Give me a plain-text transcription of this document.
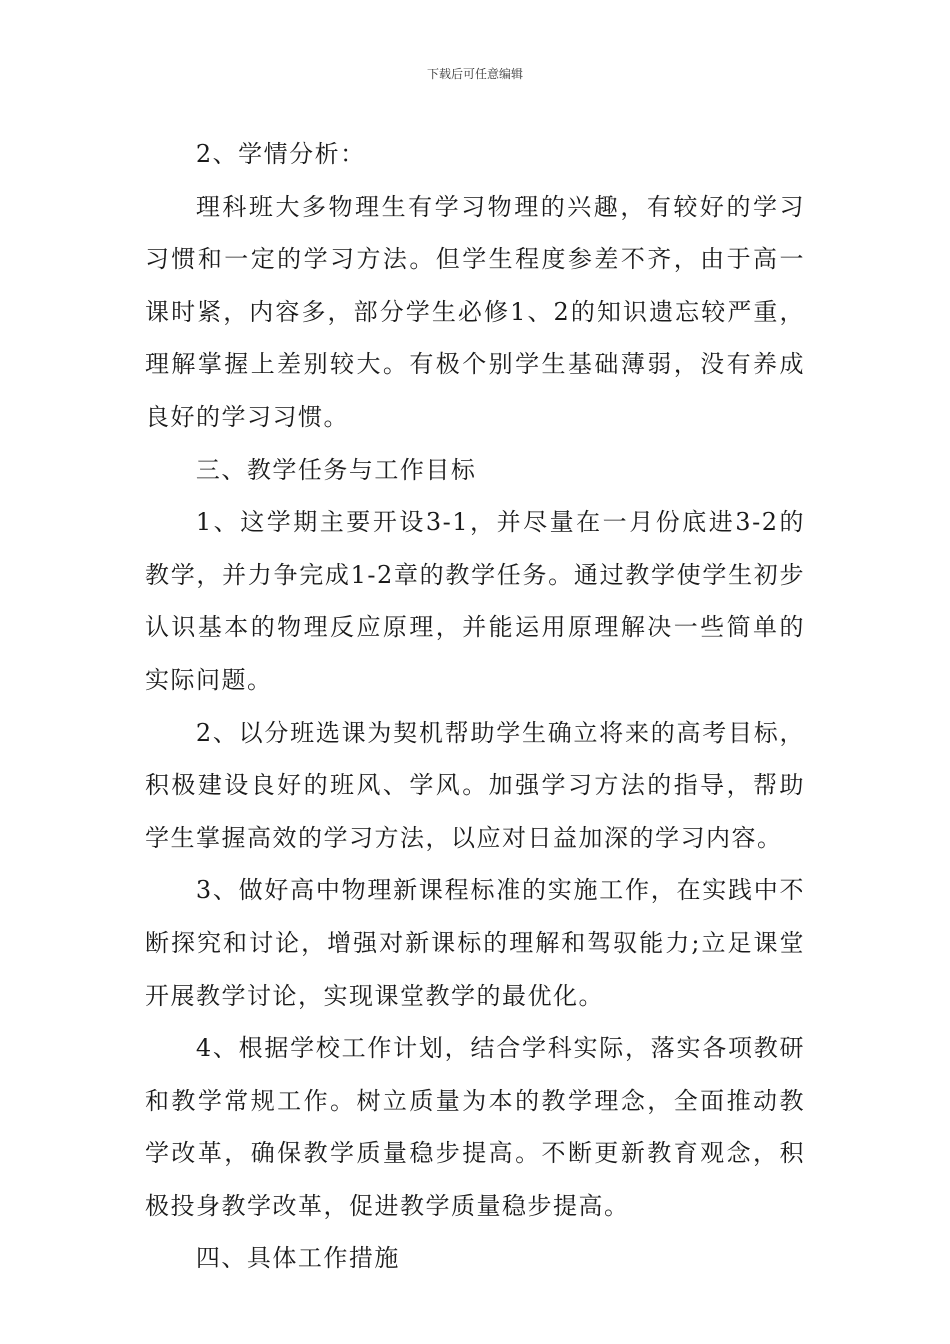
下载后可任意编辑

2、学情分析：

理科班大多物理生有学习物理的兴趣，有较好的学习习惯和一定的学习方法。但学生程度参差不齐，由于高一课时紧，内容多，部分学生必修1、2的知识遗忘较严重，理解掌握上差别较大。有极个别学生基础薄弱，没有养成良好的学习习惯。

三、教学任务与工作目标

1、这学期主要开设3-1，并尽量在一月份底进3-2的教学，并力争完成1-2章的教学任务。通过教学使学生初步认识基本的物理反应原理，并能运用原理解决一些简单的实际问题。

2、以分班选课为契机帮助学生确立将来的高考目标，积极建设良好的班风、学风。加强学习方法的指导，帮助学生掌握高效的学习方法，以应对日益加深的学习内容。

3、做好高中物理新课程标准的实施工作，在实践中不断探究和讨论，增强对新课标的理解和驾驭能力;立足课堂开展教学讨论，实现课堂教学的最优化。

4、根据学校工作计划，结合学科实际，落实各项教研和教学常规工作。树立质量为本的教学理念，全面推动教学改革，确保教学质量稳步提高。不断更新教育观念，积极投身教学改革，促进教学质量稳步提高。

四、具体工作措施
